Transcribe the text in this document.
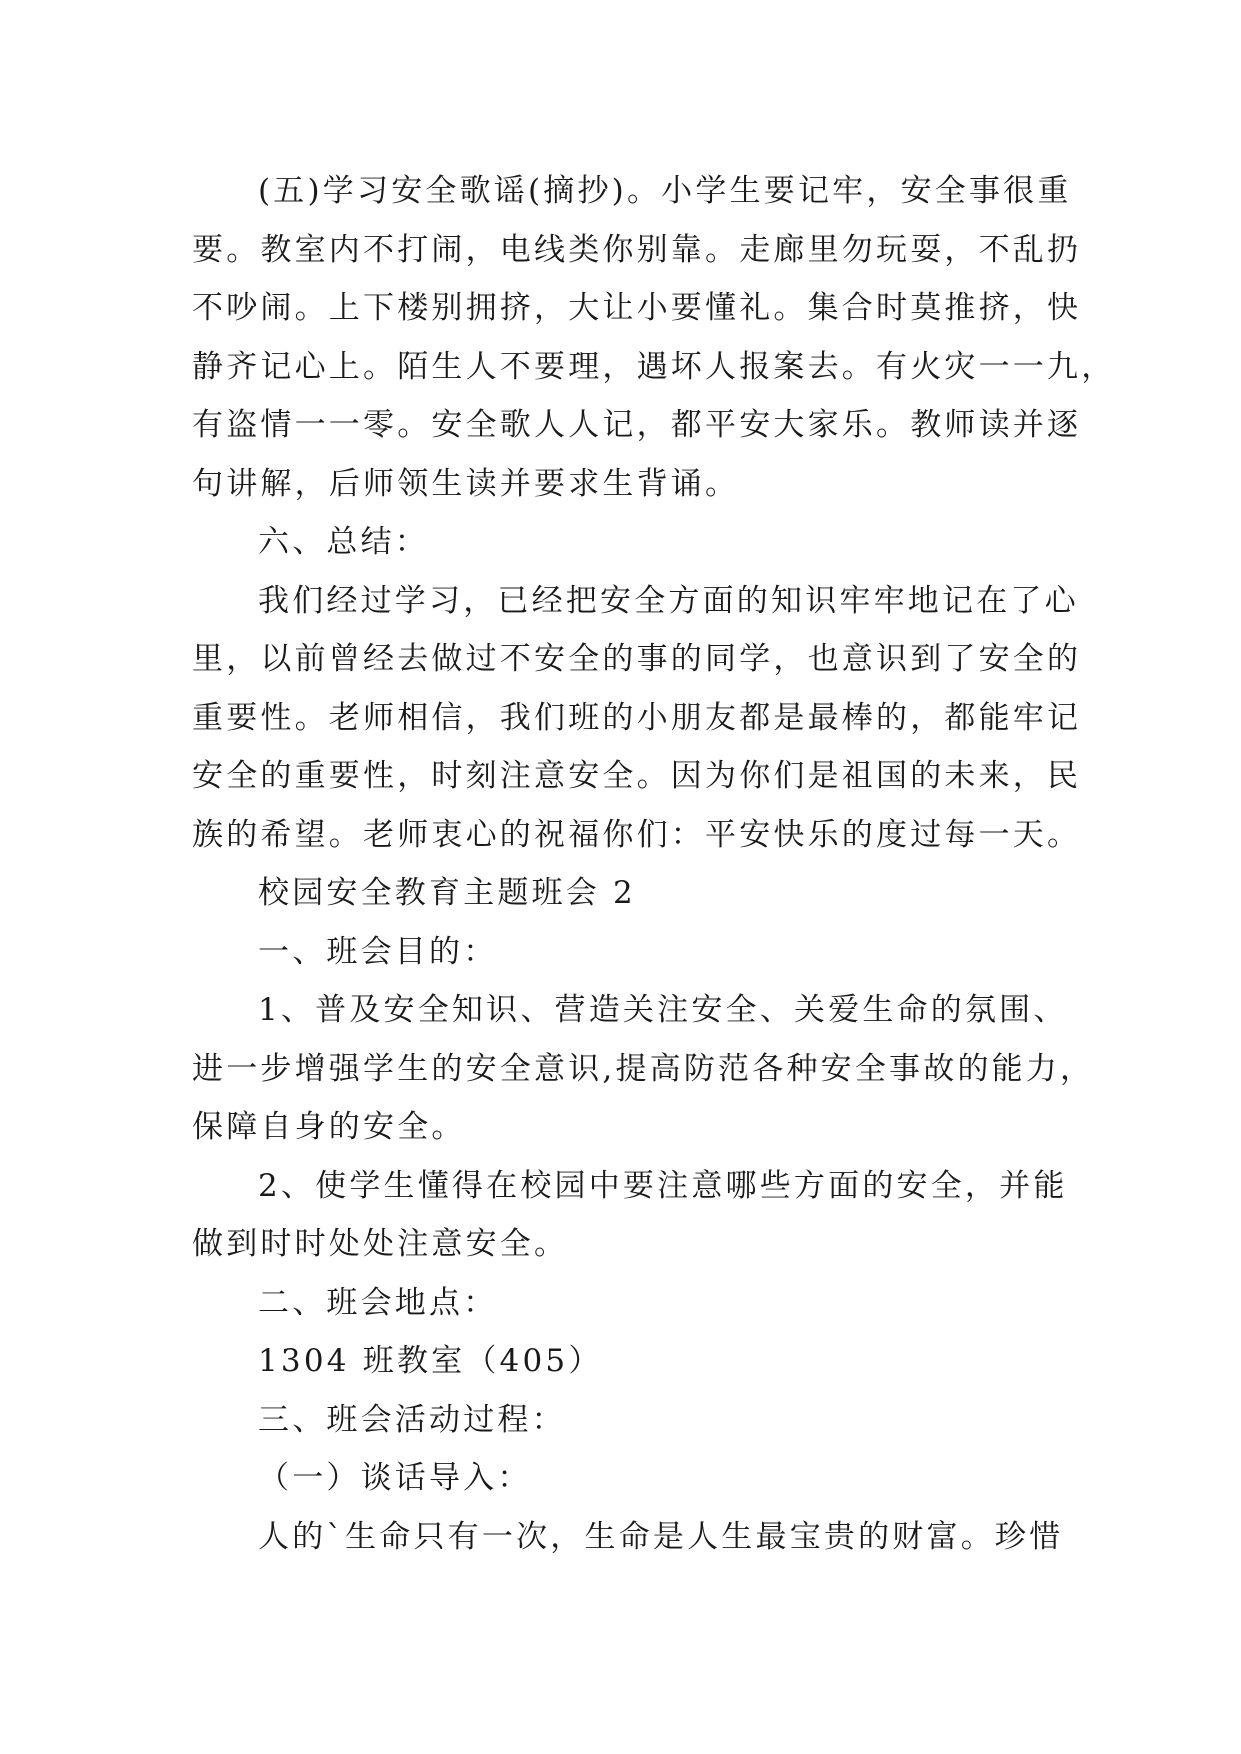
(五)学习安全歌谣(摘抄)。小学生要记牢，安全事很重
要。教室内不打闹，电线类你别靠。走廊里勿玩耍，不乱扔
不吵闹。上下楼别拥挤，大让小要懂礼。集合时莫推挤，快
静齐记心上。陌生人不要理，遇坏人报案去。有火灾一一九，
有盗情一一零。安全歌人人记，都平安大家乐。教师读并逐
句讲解，后师领生读并要求生背诵。

六、总结：

我们经过学习，已经把安全方面的知识牢牢地记在了心
里，以前曾经去做过不安全的事的同学，也意识到了安全的
重要性。老师相信，我们班的小朋友都是最棒的，都能牢记
安全的重要性，时刻注意安全。因为你们是祖国的未来，民
族的希望。老师衷心的祝福你们：平安快乐的度过每一天。

校园安全教育主题班会 2

一、班会目的：

1、普及安全知识、营造关注安全、关爱生命的氛围、
进一步增强学生的安全意识,提高防范各种安全事故的能力，
保障自身的安全。

2、使学生懂得在校园中要注意哪些方面的安全，并能
做到时时处处注意安全。

二、班会地点：

1304 班教室（405）

三、班会活动过程：

（一）谈话导入：

人的`生命只有一次，生命是人生最宝贵的财富。珍惜
